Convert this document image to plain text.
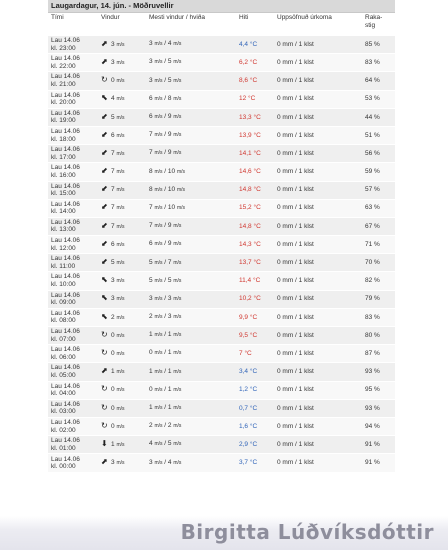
Laugardagur, 14. jún. - Möðruvellir
Tími	Vindur	Mesti vindur / hviða	Hiti	Uppsöfnuð úrkoma	Raka-
stig

Lau 14.06
kl. 23:00	⬈ 3 m/s	3 m/s / 4 m/s	4,4 °C	0 mm / 1 klst	85 %

Lau 14.06
kl. 22:00	⬈ 3 m/s	3 m/s / 5 m/s	6,2 °C	0 mm / 1 klst	83 %

Lau 14.06
kl. 21:00	↻ 0 m/s	3 m/s / 5 m/s	8,6 °C	0 mm / 1 klst	64 %

Lau 14.06
kl. 20:00	⬉ 4 m/s	6 m/s / 8 m/s	12 °C	0 mm / 1 klst	53 %

Lau 14.06
kl. 19:00	⬋ 5 m/s	6 m/s / 9 m/s	13,3 °C	0 mm / 1 klst	44 %

Lau 14.06
kl. 18:00	⬋ 6 m/s	7 m/s / 9 m/s	13,9 °C	0 mm / 1 klst	51 %

Lau 14.06
kl. 17:00	⬋ 7 m/s	7 m/s / 9 m/s	14,1 °C	0 mm / 1 klst	56 %

Lau 14.06
kl. 16:00	⬋ 7 m/s	8 m/s / 10 m/s	14,6 °C	0 mm / 1 klst	59 %

Lau 14.06
kl. 15:00	⬋ 7 m/s	8 m/s / 10 m/s	14,8 °C	0 mm / 1 klst	57 %

Lau 14.06
kl. 14:00	⬋ 7 m/s	7 m/s / 10 m/s	15,2 °C	0 mm / 1 klst	63 %

Lau 14.06
kl. 13:00	⬋ 7 m/s	7 m/s / 9 m/s	14,8 °C	0 mm / 1 klst	67 %

Lau 14.06
kl. 12:00	⬋ 6 m/s	6 m/s / 9 m/s	14,3 °C	0 mm / 1 klst	71 %

Lau 14.06
kl. 11:00	⬋ 5 m/s	5 m/s / 7 m/s	13,7 °C	0 mm / 1 klst	70 %

Lau 14.06
kl. 10:00	⬉ 3 m/s	5 m/s / 5 m/s	11,4 °C	0 mm / 1 klst	82 %

Lau 14.06
kl. 09:00	⬉ 3 m/s	3 m/s / 3 m/s	10,2 °C	0 mm / 1 klst	79 %

Lau 14.06
kl. 08:00	⬉ 2 m/s	2 m/s / 3 m/s	9,9 °C	0 mm / 1 klst	83 %

Lau 14.06
kl. 07:00	↻ 0 m/s	1 m/s / 1 m/s	9,5 °C	0 mm / 1 klst	80 %

Lau 14.06
kl. 06:00	↻ 0 m/s	0 m/s / 1 m/s	7 °C	0 mm / 1 klst	87 %

Lau 14.06
kl. 05:00	⬈ 1 m/s	1 m/s / 1 m/s	3,4 °C	0 mm / 1 klst	93 %

Lau 14.06
kl. 04:00	↻ 0 m/s	0 m/s / 1 m/s	1,2 °C	0 mm / 1 klst	95 %

Lau 14.06
kl. 03:00	↻ 0 m/s	1 m/s / 1 m/s	0,7 °C	0 mm / 1 klst	93 %

Lau 14.06
kl. 02:00	↻ 0 m/s	2 m/s / 2 m/s	1,6 °C	0 mm / 1 klst	94 %

Lau 14.06
kl. 01:00	⬇ 1 m/s	4 m/s / 5 m/s	2,9 °C	0 mm / 1 klst	91 %

Lau 14.06
kl. 00:00	⬈ 3 m/s	3 m/s / 4 m/s	3,7 °C	0 mm / 1 klst	91 %
Birgitta Lúðvíksdóttir
